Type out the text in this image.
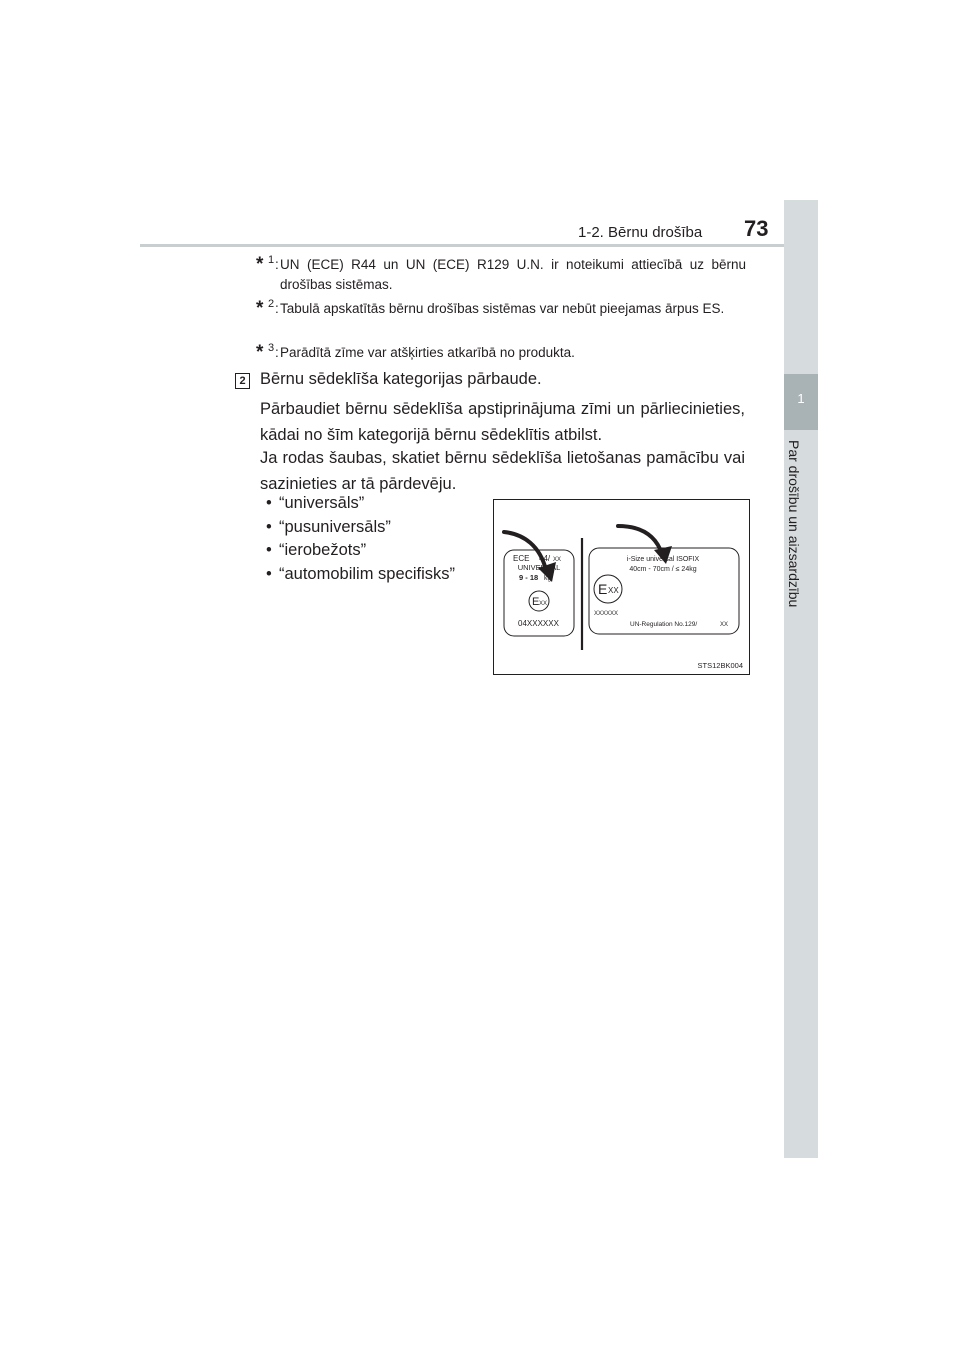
1-2. Bērnu drošība 73
1
Par drošību un aizsardzību
* 1 : UN (ECE) R44 un UN (ECE) R129 U.N. ir noteikumi attiecībā uz bērnu drošības sistēmas.
* 2 : Tabulā apskatītās bērnu drošības sistēmas var nebūt pieejamas ārpus ES.
* 3 : Parādītā zīme var atšķirties atkarībā no produkta.
2 Bērnu sēdeklīša kategorijas pārbaude.
Pārbaudiet bērnu sēdeklīša apstiprinājuma zīmi un pārliecinieties, kādai no šīm kategorijā bērnu sēdeklītis atbilst.
Ja rodas šaubas, skatiet bērnu sēdeklīša lietošanas pamācību vai sazinieties ar tā pārdevēju.
• “universāls”
• “pusuniversāls”
• “ierobežots”
• “automobilim specifisks”
ECE 44/ XX
UNIVERSAL
9 - 18 kg
E XX
04XXXXXX
i-Size universal ISOFIX
40cm - 70cm / ≤ 24kg
E XX
XXXXXX
UN-Regulation No.129/	XX
STS12BK004
